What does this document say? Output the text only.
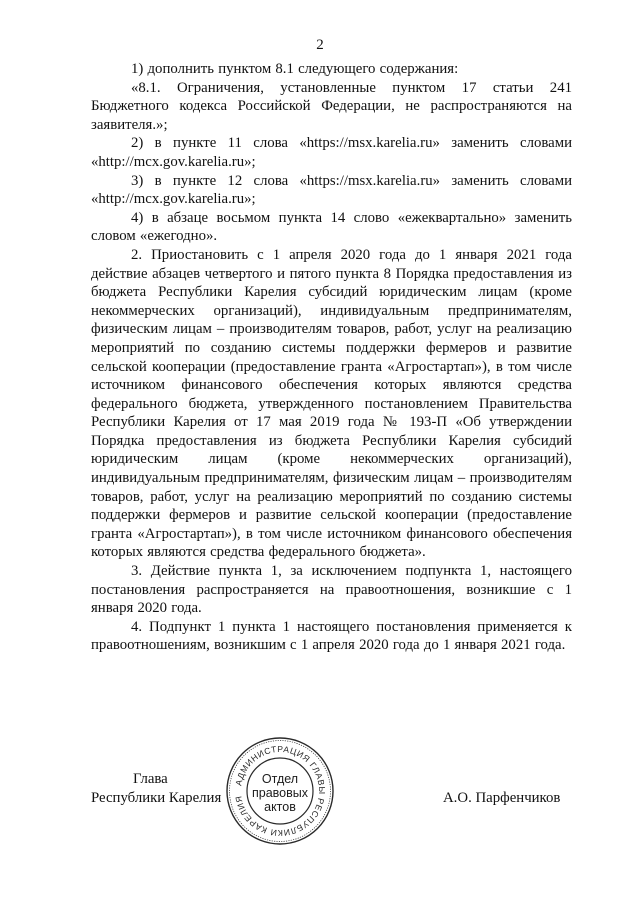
2

1) дополнить пунктом 8.1 следующего содержания:

«8.1. Ограничения, установленные пунктом 17 статьи 241 Бюджетного кодекса Российской Федерации, не распространяются на заявителя.»;

2) в пункте 11 слова «https://msx.karelia.ru» заменить словами «http://mcx.gov.karelia.ru»;

3) в пункте 12 слова «https://msx.karelia.ru» заменить словами «http://mcx.gov.karelia.ru»;

4) в абзаце восьмом пункта 14 слово «ежеквартально» заменить словом «ежегодно».

2. Приостановить с 1 апреля 2020 года до 1 января 2021 года действие абзацев четвертого и пятого пункта 8 Порядка предоставления из бюджета Республики Карелия субсидий юридическим лицам (кроме некоммерческих организаций), индивидуальным предпринимателям, физическим лицам – производителям товаров, работ, услуг на реализацию мероприятий по созданию системы поддержки фермеров и развитие сельской кооперации (предоставление гранта «Агростартап»), в том числе источником финансового обеспечения которых являются средства федерального бюджета, утвержденного постановлением Правительства Республики Карелия от 17 мая 2019 года № 193-П «Об утверждении Порядка предоставления из бюджета Республики Карелия субсидий юридическим лицам (кроме некоммерческих организаций), индивидуальным предпринимателям, физическим лицам – производителям товаров, работ, услуг на реализацию мероприятий по созданию системы поддержки фермеров и развитие сельской кооперации (предоставление гранта «Агростартап»), в том числе источником финансового обеспечения которых являются средства федерального бюджета».

3. Действие пункта 1, за исключением подпункта 1, настоящего постановления распространяется на правоотношения, возникшие с 1 января 2020 года.

4. Подпункт 1 пункта 1 настоящего постановления применяется к правоотношениям, возникшим с 1 апреля 2020 года до 1 января 2021 года.

Глава
Республики Карелия	А.О. Парфенчиков
АДМИНИСТРАЦИЯ ГЛАВЫ РЕСПУБЛИКИ КАРЕЛИЯ
Отдел
правовых
актов
